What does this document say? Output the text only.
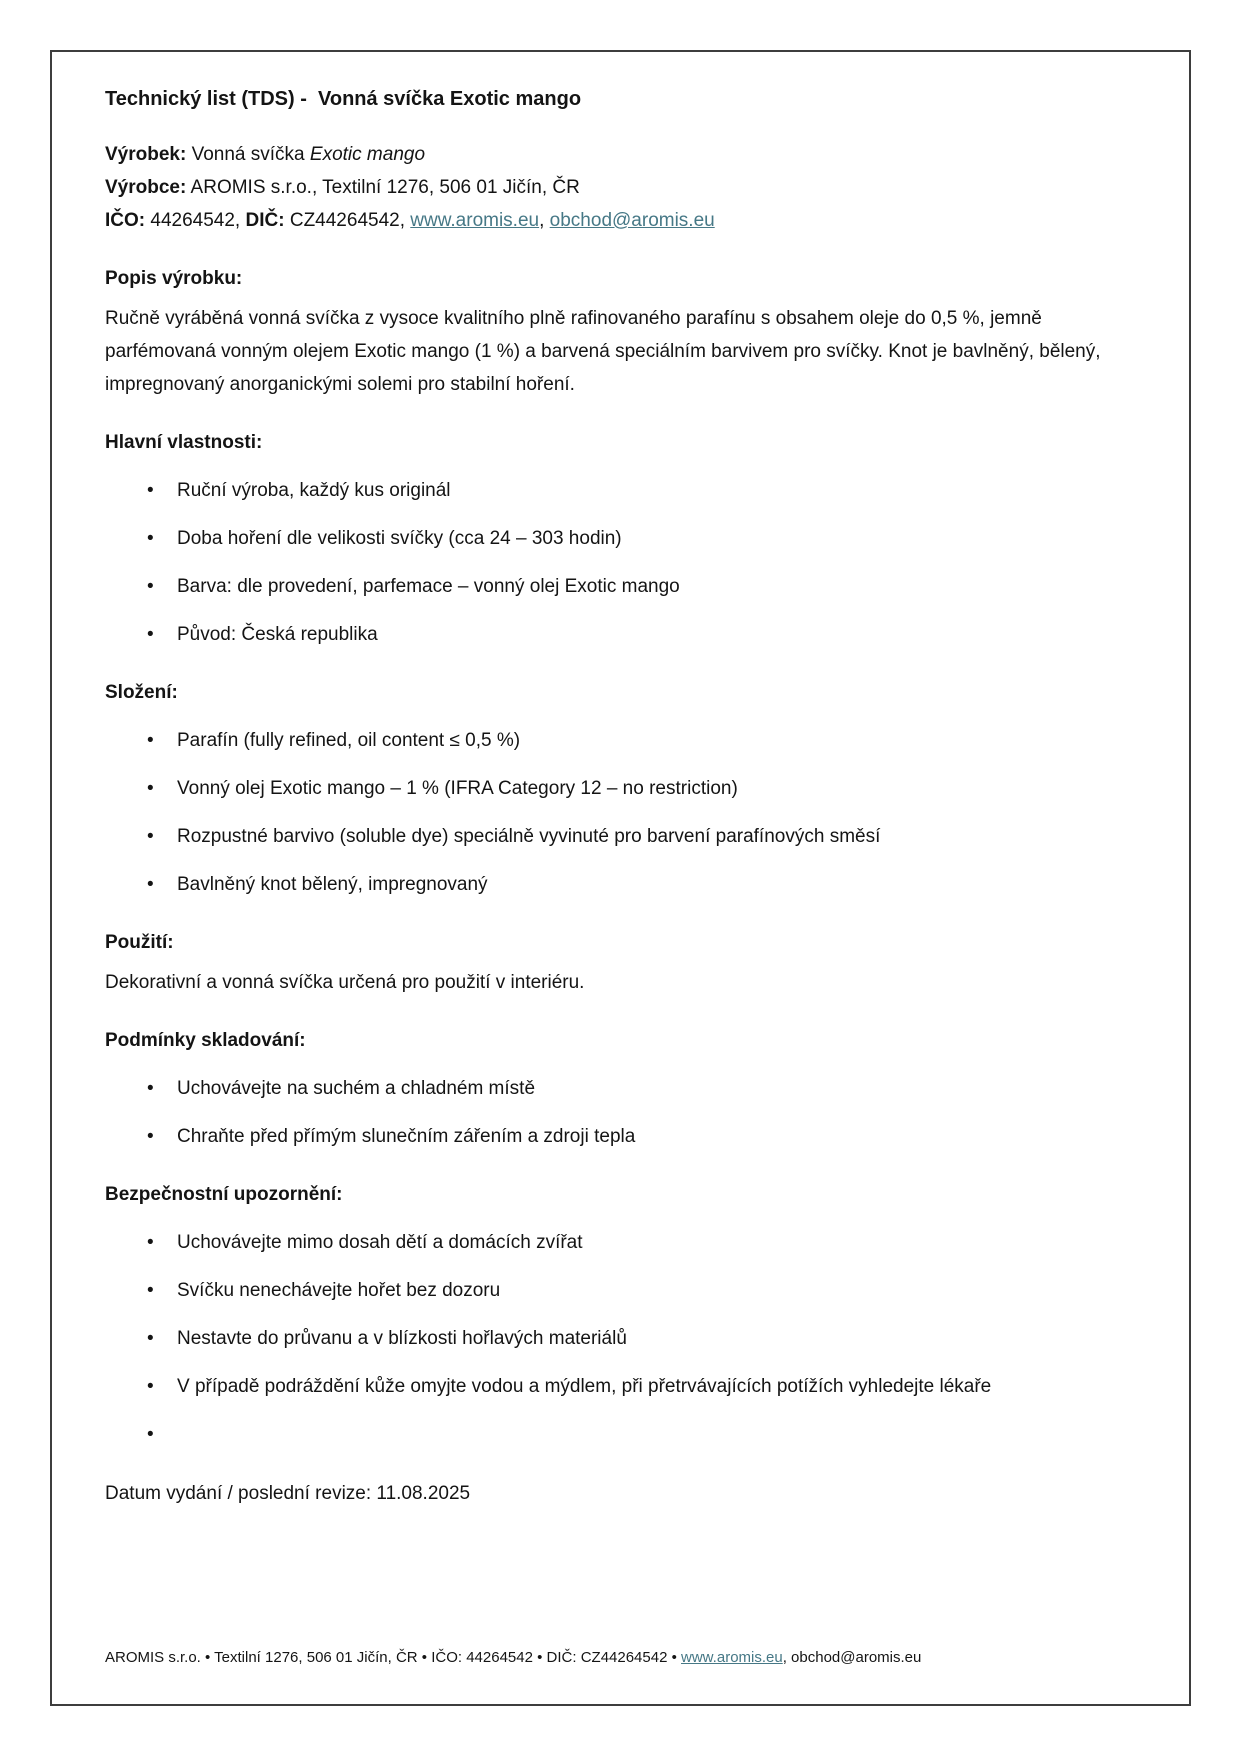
Technický list (TDS) -  Vonná svíčka Exotic mango

Výrobek: Vonná svíčka Exotic mango

Výrobce: AROMIS s.r.o., Textilní 1276, 506 01 Jičín, ČR

IČO: 44264542, DIČ: CZ44264542, www.aromis.eu, obchod@aromis.eu

Popis výrobku:

Ručně vyráběná vonná svíčka z vysoce kvalitního plně rafinovaného parafínu s obsahem oleje do 0,5 %, jemně parfémovaná vonným olejem Exotic mango (1 %) a barvená speciálním barvivem pro svíčky. Knot je bavlněný, bělený, impregnovaný anorganickými solemi pro stabilní hoření.

Hlavní vlastnosti:
• Ruční výroba, každý kus originál
• Doba hoření dle velikosti svíčky (cca 24 – 303 hodin)
• Barva: dle provedení, parfemace – vonný olej Exotic mango
• Původ: Česká republika
Složení:
• Parafín (fully refined, oil content ≤ 0,5 %)
• Vonný olej Exotic mango – 1 % (IFRA Category 12 – no restriction)
• Rozpustné barvivo (soluble dye) speciálně vyvinuté pro barvení parafínových směsí
• Bavlněný knot bělený, impregnovaný
Použití:

Dekorativní a vonná svíčka určená pro použití v interiéru.

Podmínky skladování:
• Uchovávejte na suchém a chladném místě
• Chraňte před přímým slunečním zářením a zdroji tepla
Bezpečnostní upozornění:
• Uchovávejte mimo dosah dětí a domácích zvířat
• Svíčku nenechávejte hořet bez dozoru
• Nestavte do průvanu a v blízkosti hořlavých materiálů
• V případě podráždění kůže omyjte vodou a mýdlem, při přetrvávajících potížích vyhledejte lékaře
•

Datum vydání / poslední revize: 11.08.2025

AROMIS s.r.o. • Textilní 1276, 506 01 Jičín, ČR • IČO: 44264542 • DIČ: CZ44264542 • www.aromis.eu, obchod@aromis.eu
